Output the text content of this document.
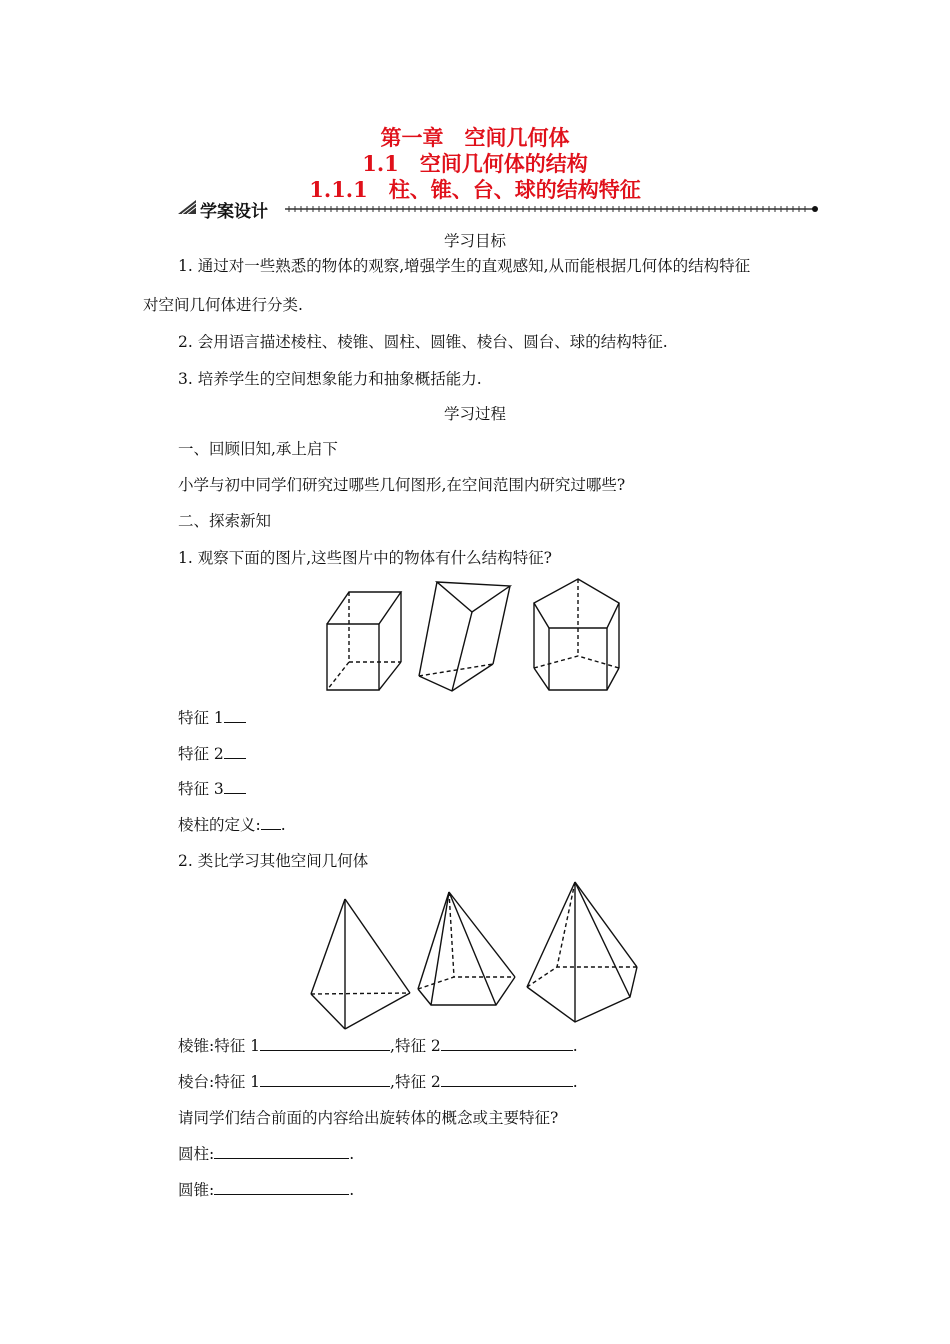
第一章　空间几何体
1.1　空间几何体的结构
1.1.1　柱、锥、台、球的结构特征
学案设计
学习目标
1. 通过对一些熟悉的物体的观察,增强学生的直观感知,从而能根据几何体的结构特征
对空间几何体进行分类.
2. 会用语言描述棱柱、棱锥、圆柱、圆锥、棱台、圆台、球的结构特征.
3. 培养学生的空间想象能力和抽象概括能力.
学习过程
一、回顾旧知,承上启下
小学与初中同学们研究过哪些几何图形,在空间范围内研究过哪些?
二、探索新知
1. 观察下面的图片,这些图片中的物体有什么结构特征?
特征 1
特征 2
特征 3
棱柱的定义: .
2. 类比学习其他空间几何体
棱锥:特征 1	,特征 2	.
棱台:特征 1	,特征 2	.
请同学们结合前面的内容给出旋转体的概念或主要特征?
圆柱:	.
圆锥:	.
